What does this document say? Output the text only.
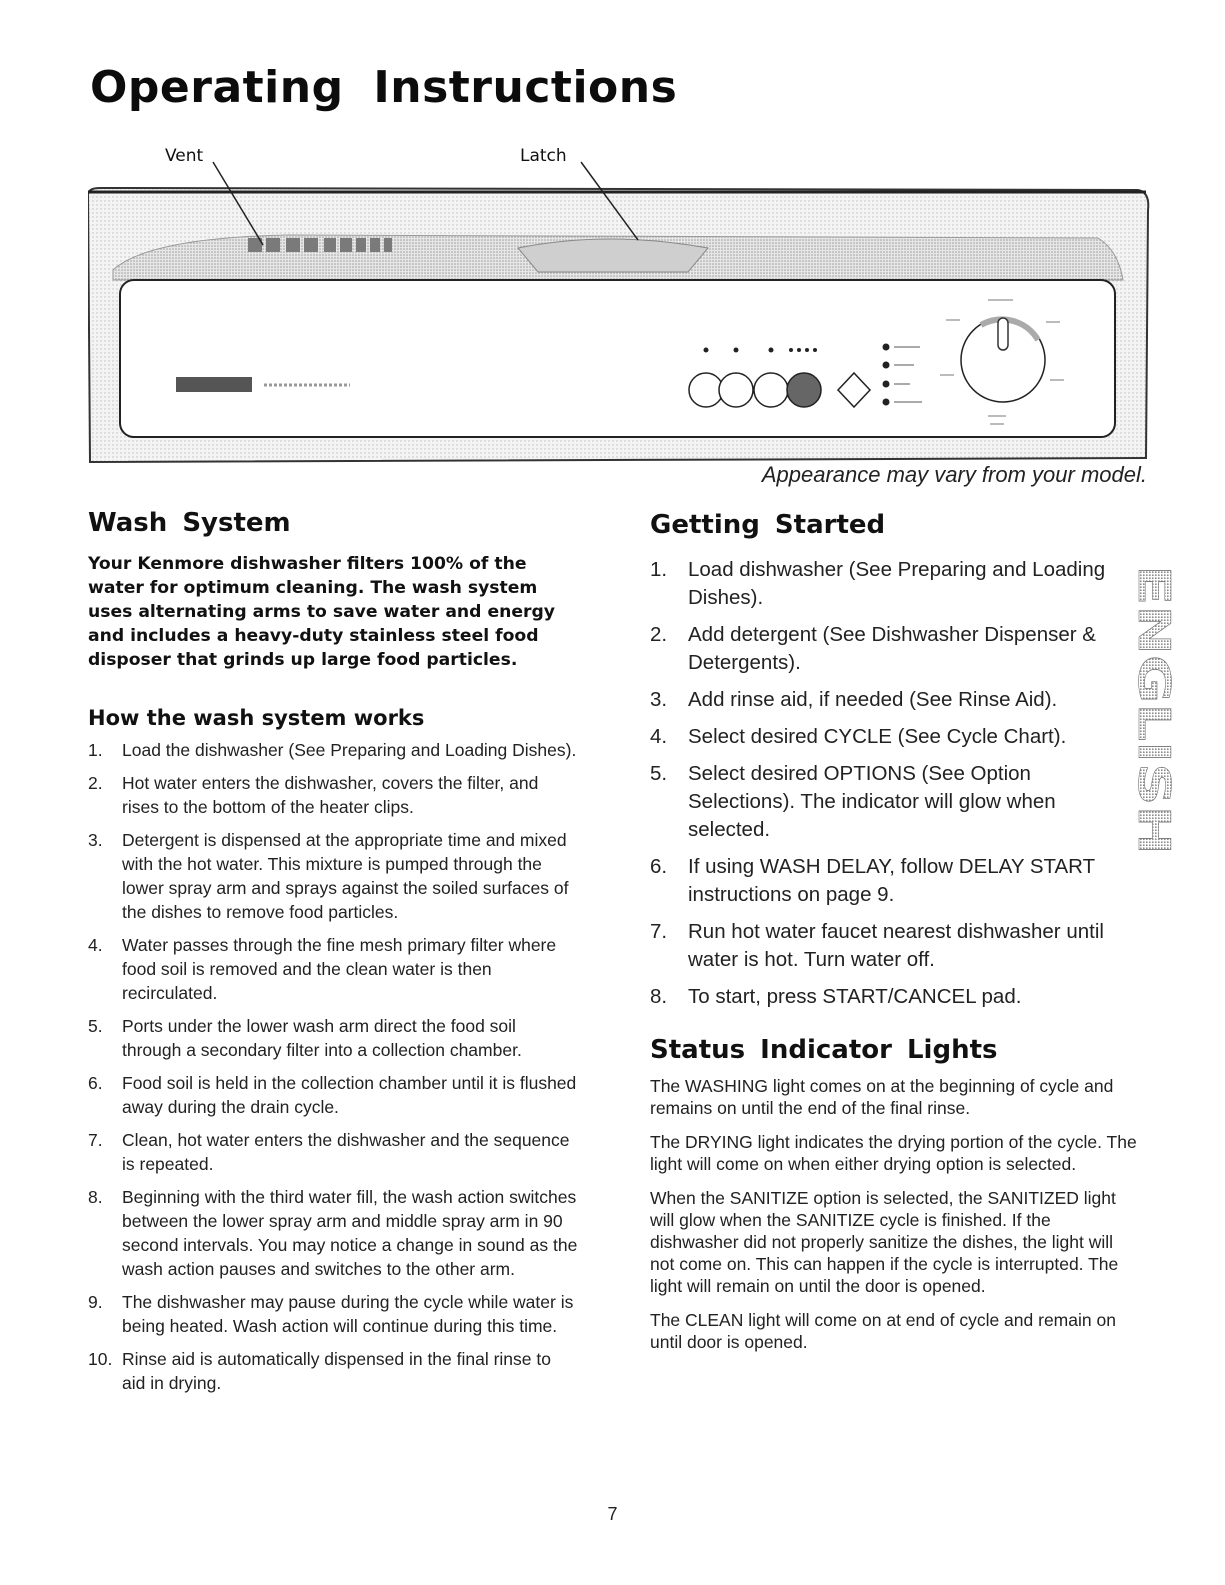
Operating Instructions
Vent	Latch

Appearance may vary from your model.

Wash System

Your Kenmore dishwasher filters 100% of the water for optimum cleaning. The wash system uses alternating arms to save water and energy and includes a heavy-duty stainless steel food disposer that grinds up large food particles.

How the wash system works
1. Load the dishwasher (See Preparing and Loading Dishes).
2. Hot water enters the dishwasher, covers the filter, and rises to the bottom of the heater clips.
3. Detergent is dispensed at the appropriate time and mixed with the hot water. This mixture is pumped through the lower spray arm and sprays against the soiled surfaces of the dishes to remove food particles.
4. Water passes through the fine mesh primary filter where food soil is removed and the clean water is then recirculated.
5. Ports under the lower wash arm direct the food soil through a secondary filter into a collection chamber.
6. Food soil is held in the collection chamber until it is flushed away during the drain cycle.
7. Clean, hot water enters the dishwasher and the sequence is repeated.
8. Beginning with the third water fill, the wash action switches between the lower spray arm and middle spray arm in 90 second intervals. You may notice a change in sound as the wash action pauses and switches to the other arm.
9. The dishwasher may pause during the cycle while water is being heated. Wash action will continue during this time.
10. Rinse aid is automatically dispensed in the final rinse to aid in drying.
Getting Started
1. Load dishwasher (See Preparing and Loading Dishes).
2. Add detergent (See Dishwasher Dispenser & Detergents).
3. Add rinse aid, if needed (See Rinse Aid).
4. Select desired CYCLE (See Cycle Chart).
5. Select desired OPTIONS (See Option Selections). The indicator will glow when selected.
6. If using WASH DELAY, follow DELAY START instructions on page 9.
7. Run hot water faucet nearest dishwasher until water is hot. Turn water off.
8. To start, press START/CANCEL pad.
Status Indicator Lights

The WASHING light comes on at the beginning of cycle and remains on until the end of the final rinse.

The DRYING light indicates the drying portion of the cycle. The light will come on when either drying option is selected.

When the SANITIZE option is selected, the SANITIZED light will glow when the SANITIZE cycle is finished. If the dishwasher did not properly sanitize the dishes, the light will not come on. This can happen if the cycle is interrupted. The light will remain on until the door is opened.

The CLEAN light will come on at end of cycle and remain on until door is opened.

ENGLISH
7
